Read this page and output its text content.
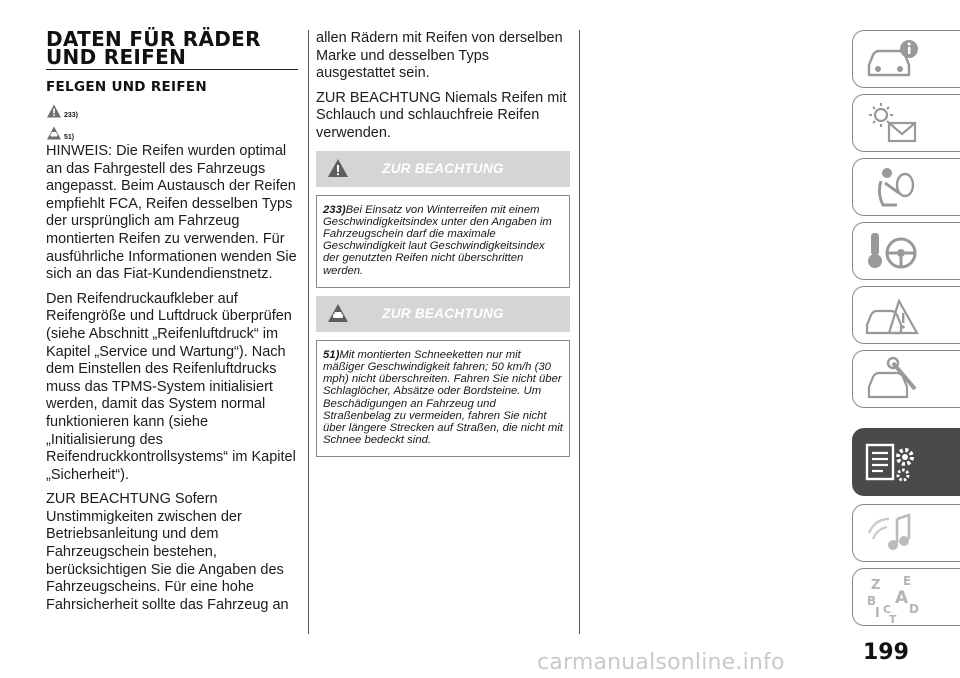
DATEN FÜR RÄDER
UND REIFEN
FELGEN UND REIFEN
233)
51)

HINWEIS: Die Reifen wurden optimal an das Fahrgestell des Fahrzeugs angepasst. Beim Austausch der Reifen empfiehlt FCA, Reifen desselben Typs der ursprünglich am Fahrzeug montierten Reifen zu verwenden. Für ausführliche Informationen wenden Sie sich an das Fiat-Kundendienstnetz.

Den Reifendruckaufkleber auf Reifengröße und Luftdruck überprüfen (siehe Abschnitt „Reifenluftdruck“ im Kapitel „Service und Wartung“). Nach dem Einstellen des Reifenluftdrucks muss das TPMS-System initialisiert werden, damit das System normal funktionieren kann (siehe „Initialisierung des Reifendruckkontrollsystems“ im Kapitel „Sicherheit“).

ZUR BEACHTUNG Sofern Unstimmigkeiten zwischen der Betriebsanleitung und dem Fahrzeugschein bestehen, berücksichtigen Sie die Angaben des Fahrzeugscheins. Für eine hohe Fahrsicherheit sollte das Fahrzeug an

allen Rädern mit Reifen von derselben Marke und desselben Typs ausgestattet sein.

ZUR BEACHTUNG Niemals Reifen mit Schlauch und schlauchfreie Reifen verwenden.

ZUR BEACHTUNG
233)Bei Einsatz von Winterreifen mit einem Geschwindigkeitsindex unter den Angaben im Fahrzeugschein darf die maximale Geschwindigkeit laut Geschwindigkeitsindex der genutzten Reifen nicht überschritten werden.
ZUR BEACHTUNG
51)Mit montierten Schneeketten nur mit mäßiger Geschwindigkeit fahren; 50 km/h (30 mph) nicht überschreiten. Fahren Sie nicht über Schlaglöcher, Absätze oder Bordsteine. Um Beschädigungen an Fahrzeug und Straßenbelag zu vermeiden, fahren Sie nicht über längere Strecken auf Straßen, die nicht mit Schnee bedeckt sind.
Z E
B A
C D
I T
199
carmanualsonline.info
